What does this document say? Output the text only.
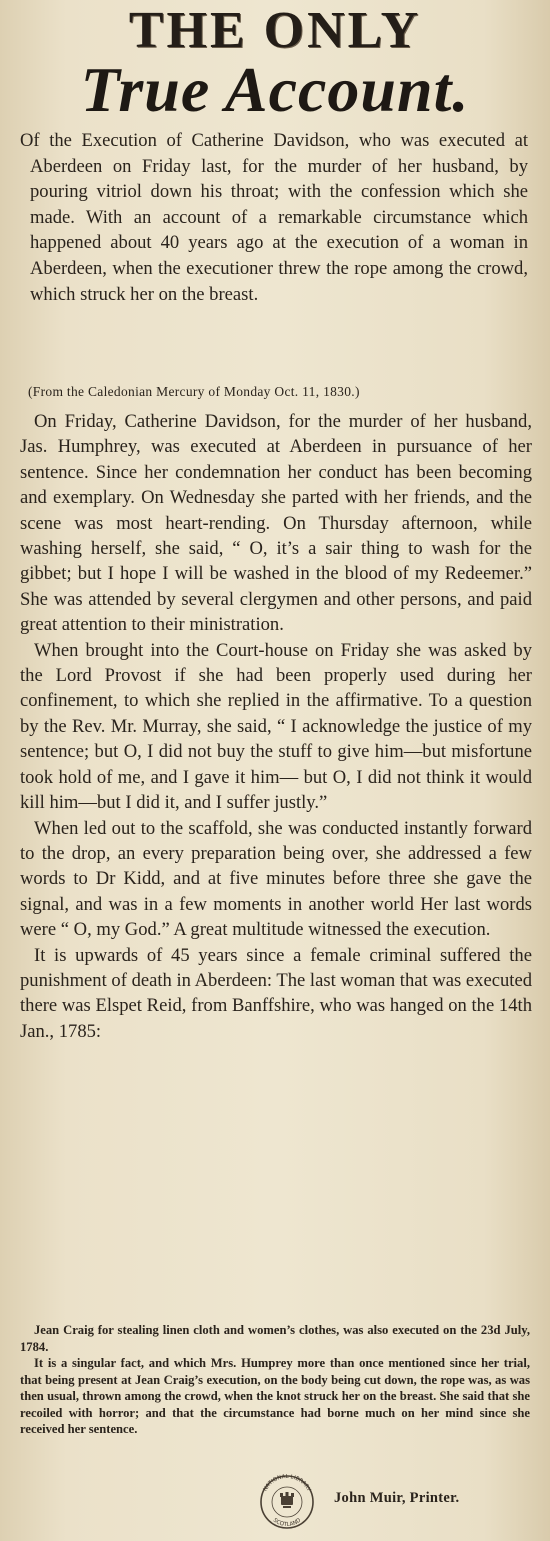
THE ONLY
True Account.
Of the Execution of Catherine Davidson, who was executed at Aberdeen on Friday last, for the murder of her husband, by pouring vitriol down his throat; with the confession which she made. With an account of a remarkable circumstance which happened about 40 years ago at the execution of a woman in Aberdeen, when the executioner threw the rope among the crowd, which struck her on the breast.
(From the Caledonian Mercury of Monday Oct. 11, 1830.)

On Friday, Catherine Davidson, for the murder of her husband, Jas. Humphrey, was executed at Aberdeen in pursuance of her sentence. Since her condemnation her conduct has been becoming and exemplary. On Wednesday she parted with her friends, and the scene was most heart-rending. On Thursday afternoon, while washing herself, she said, “ O, it’s a sair thing to wash for the gibbet; but I hope I will be washed in the blood of my Redeemer.” She was attended by several clergymen and other persons, and paid great attention to their ministration.

When brought into the Court-house on Friday she was asked by the Lord Provost if she had been properly used during her confinement, to which she replied in the affirmative. To a question by the Rev. Mr. Murray, she said, “ I acknowledge the justice of my sentence; but O, I did not buy the stuff to give him—but misfortune took hold of me, and I gave it him— but O, I did not think it would kill him—but I did it, and I suffer justly.”

When led out to the scaffold, she was conducted instantly forward to the drop, an every preparation being over, she addressed a few words to Dr Kidd, and at five minutes before three she gave the signal, and was in a few moments in another world Her last words were “ O, my God.” A great multitude witnessed the execution.

It is upwards of 45 years since a female criminal suffered the punishment of death in Aberdeen: The last woman that was executed there was Elspet Reid, from Banffshire, who was hanged on the 14th Jan., 1785:

Jean Craig for stealing linen cloth and women’s clothes, was also executed on the 23d July, 1784.

It is a singular fact, and which Mrs. Humprey more than once mentioned since her trial, that being present at Jean Craig’s execution, on the body being cut down, the rope was, as was then usual, thrown among the crowd, when the knot struck her on the breast. She said that she recoiled with horror; and that the circumstance had borne much on her mind since she received her sentence.

NATIONAL LIBRARY
SCOTLAND
John Muir, Printer.
